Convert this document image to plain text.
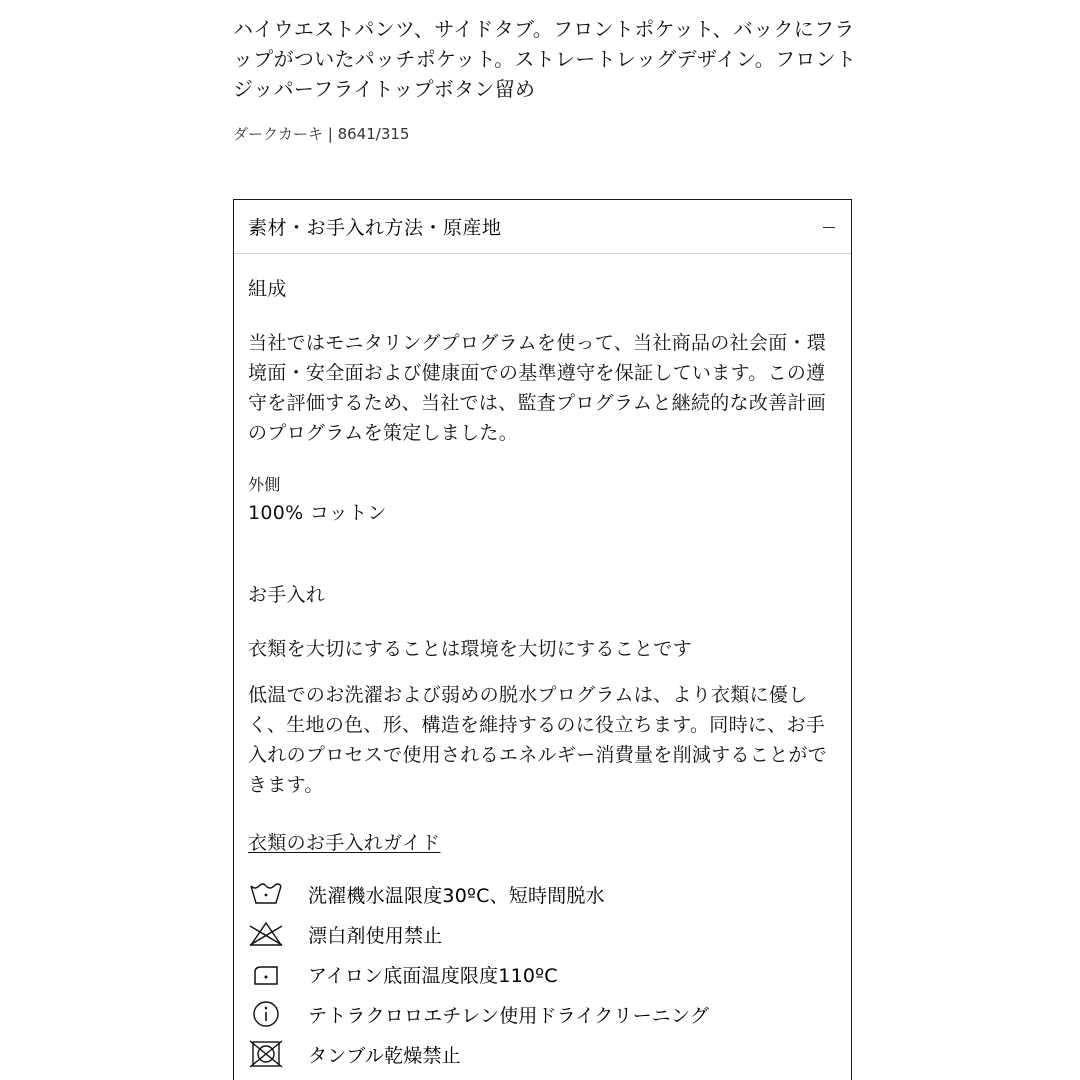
ハイウエストパンツ、サイドタブ。フロントポケット、バックにフラップがついたパッチポケット。ストレートレッグデザイン。フロントジッパーフライトップボタン留め

ダークカーキ | 8641/315

素材・お手入れ方法・原産地

組成

当社ではモニタリングプログラムを使って、当社商品の社会面・環境面・安全面および健康面での基準遵守を保証しています。この遵守を評価するため、当社では、監査プログラムと継続的な改善計画のプログラムを策定しました。

外側

100% コットン

お手入れ

衣類を大切にすることは環境を大切にすることです

低温でのお洗濯および弱めの脱水プログラムは、より衣類に優しく、生地の色、形、構造を維持するのに役立ちます。同時に、お手入れのプロセスで使用されるエネルギー消費量を削減することができます。

衣類のお手入れガイド
洗濯機水温限度30ºC、短時間脱水
漂白剤使用禁止
アイロン底面温度限度110ºC
テトラクロロエチレン使用ドライクリーニング
タンブル乾燥禁止
